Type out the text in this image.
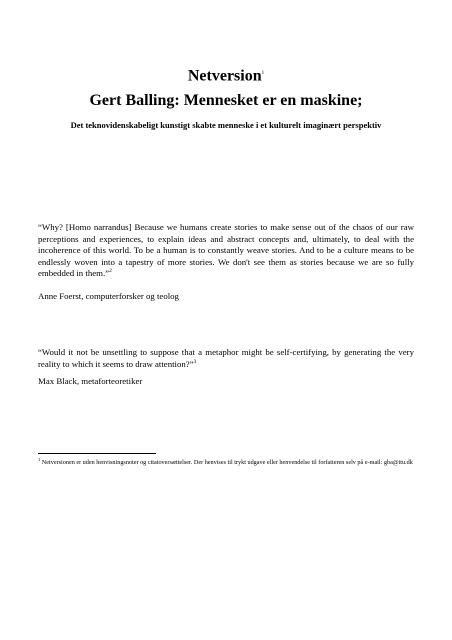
Netversion$^1$
Gert Balling: Mennesket er en maskine;
Det teknovidenskabeligt kunstigt skabte menneske i et kulturelt imaginært perspektiv
“Why? [Homo narrandus] Because we humans create stories to make sense out of the chaos of our raw perceptions and experiences, to explain ideas and abstract concepts and, ultimately, to deal with the incoherence of this world. To be a human is to constantly weave stories. And to be a culture means to be endlessly woven into a tapestry of more stories. We don't see them as stories because we are so fully embedded in them.”$^2$
Anne Foerst, computerforsker og teolog
“Would it not be unsettling to suppose that a metaphor might be self-certifying, by generating the very reality to which it seems to draw attention?”$^3$
Max Black, metaforteoretiker
$^1$ Netversionen er uden henvisningsnoter og citatoversættelser. Der henvises til trykt udgave eller henvendelse til forfatteren selv på e-mail: gba@itu.dk
